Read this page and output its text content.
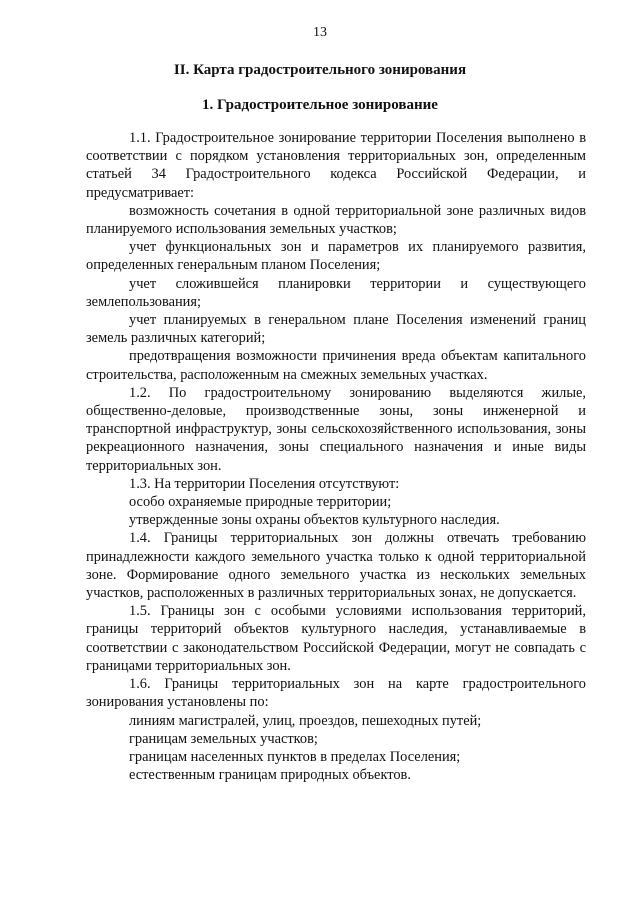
13
II. Карта градостроительного зонирования
1. Градостроительное зонирование

1.1. Градостроительное зонирование территории Поселения выполнено в соответствии с порядком установления территориальных зон, определенным статьей 34 Градостроительного кодекса Российской Федерации, и предусматривает:

возможность сочетания в одной территориальной зоне различных видов планируемого использования земельных участков;

учет функциональных зон и параметров их планируемого развития, определенных генеральным планом Поселения;

учет сложившейся планировки территории и существующего землепользования;

учет планируемых в генеральном плане Поселения изменений границ земель различных категорий;

предотвращения возможности причинения вреда объектам капитального строительства, расположенным на смежных земельных участках.

1.2. По градостроительному зонированию выделяются жилые, общественно-деловые, производственные зоны, зоны инженерной и транспортной инфраструктур, зоны сельскохозяйственного использования, зоны рекреационного назначения, зоны специального назначения и иные виды территориальных зон.

1.3. На территории Поселения отсутствуют:

особо охраняемые природные территории;

утвержденные зоны охраны объектов культурного наследия.

1.4. Границы территориальных зон должны отвечать требованию принадлежности каждого земельного участка только к одной территориальной зоне. Формирование одного земельного участка из нескольких земельных участков, расположенных в различных территориальных зонах, не допускается.

1.5. Границы зон с особыми условиями использования территорий, границы территорий объектов культурного наследия, устанавливаемые в соответствии с законодательством Российской Федерации, могут не совпадать с границами территориальных зон.

1.6. Границы территориальных зон на карте градостроительного зонирования установлены по:

линиям магистралей, улиц, проездов, пешеходных путей;

границам земельных участков;

границам населенных пунктов в пределах Поселения;

естественным границам природных объектов.
